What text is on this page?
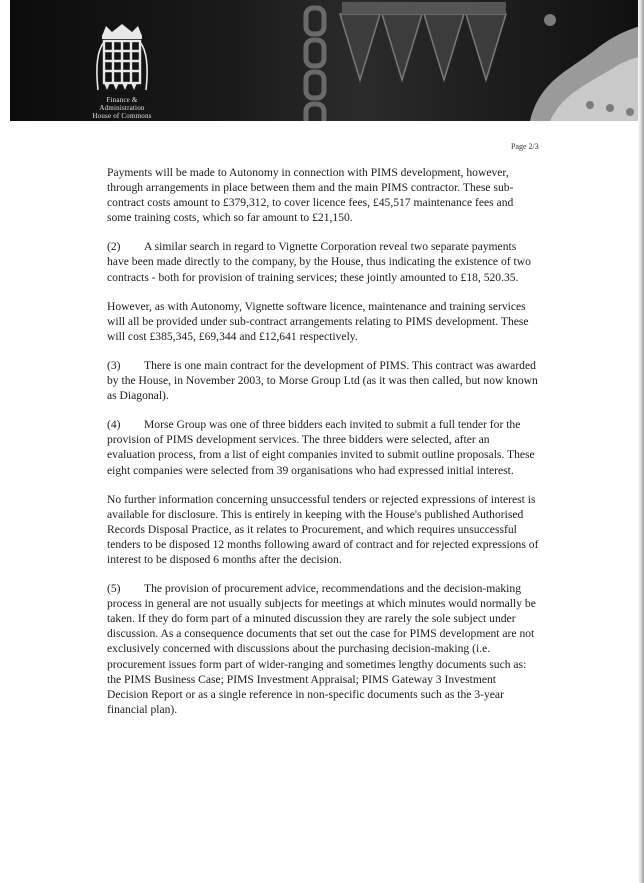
Finance &
Administration
House of Commons
Page 2/3

Payments will be made to Autonomy in connection with PIMS development, however, through arrangements in place between them and the main PIMS contractor. These sub-contract costs amount to £379,312, to cover licence fees, £45,517 maintenance fees and some training costs, which so far amount to £21,150.

(2) A similar search in regard to Vignette Corporation reveal two separate payments have been made directly to the company, by the House, thus indicating the existence of two contracts - both for provision of training services; these jointly amounted to £18, 520.35.

However, as with Autonomy, Vignette software licence, maintenance and training services will all be provided under sub-contract arrangements relating to PIMS development. These will cost £385,345, £69,344 and £12,641 respectively.

(3) There is one main contract for the development of PIMS. This contract was awarded by the House, in November 2003, to Morse Group Ltd (as it was then called, but now known as Diagonal).

(4) Morse Group was one of three bidders each invited to submit a full tender for the provision of PIMS development services. The three bidders were selected, after an evaluation process, from a list of eight companies invited to submit outline proposals. These eight companies were selected from 39 organisations who had expressed initial interest.

No further information concerning unsuccessful tenders or rejected expressions of interest is available for disclosure. This is entirely in keeping with the House's published Authorised Records Disposal Practice, as it relates to Procurement, and which requires unsuccessful tenders to be disposed 12 months following award of contract and for rejected expressions of interest to be disposed 6 months after the decision.

(5) The provision of procurement advice, recommendations and the decision-making process in general are not usually subjects for meetings at which minutes would normally be taken. If they do form part of a minuted discussion they are rarely the sole subject under discussion. As a consequence documents that set out the case for PIMS development are not exclusively concerned with discussions about the purchasing decision-making (i.e. procurement issues form part of wider-ranging and sometimes lengthy documents such as: the PIMS Business Case; PIMS Investment Appraisal; PIMS Gateway 3 Investment Decision Report or as a single reference in non-specific documents such as the 3-year financial plan).
